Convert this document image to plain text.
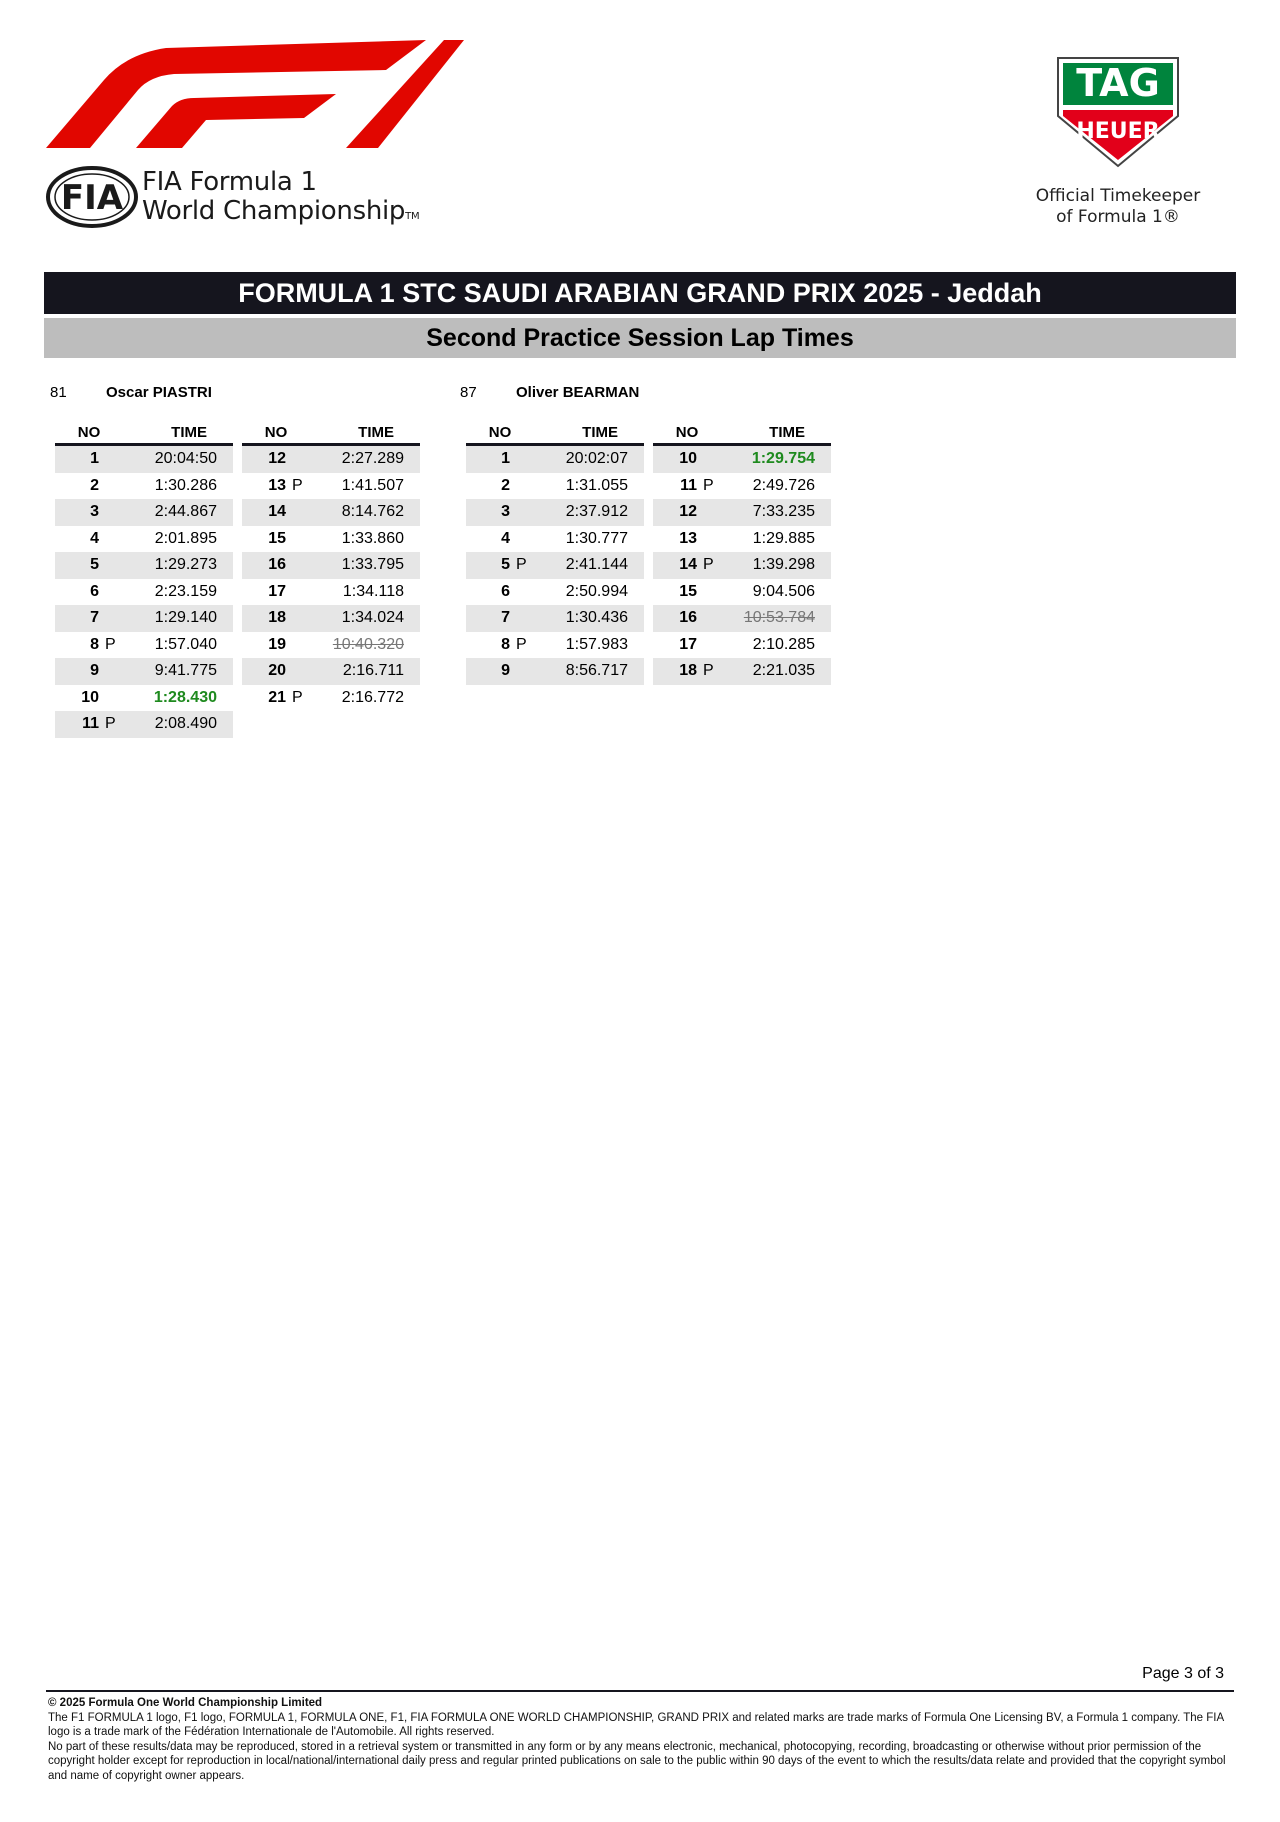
FIA FIA Formula 1
World ChampionshipTM
TAG
HEUER
Official Timekeeper
of Formula 1®
FORMULA 1 STC SAUDI ARABIAN GRAND PRIX 2025 - Jeddah
Second Practice Session Lap Times
81	Oscar PIASTRI
NO	TIME
1	20:04:50
2	1:30.286
3	2:44.867
4	2:01.895
5	1:29.273
6	2:23.159
7	1:29.140
8 P	1:57.040
9	9:41.775
10	1:28.430
11 P	2:08.490
NO	TIME
12	2:27.289
13 P	1:41.507
14	8:14.762
15	1:33.860
16	1:33.795
17	1:34.118
18	1:34.024
19	10:40.320
20	2:16.711
21 P	2:16.772
87	Oliver BEARMAN
NO	TIME
1	20:02:07
2	1:31.055
3	2:37.912
4	1:30.777
5 P	2:41.144
6	2:50.994
7	1:30.436
8 P	1:57.983
9	8:56.717
NO	TIME
10	1:29.754
11 P	2:49.726
12	7:33.235
13	1:29.885
14 P	1:39.298
15	9:04.506
16	10:53.784
17	2:10.285
18 P	2:21.035
Page 3 of 3

© 2025 Formula One World Championship Limited

The F1 FORMULA 1 logo, F1 logo, FORMULA 1, FORMULA ONE, F1, FIA FORMULA ONE WORLD CHAMPIONSHIP, GRAND PRIX and related marks are trade marks of Formula One Licensing BV, a Formula 1 company. The FIA logo is a trade mark of the Fédération Internationale de l'Automobile. All rights reserved.

No part of these results/data may be reproduced, stored in a retrieval system or transmitted in any form or by any means electronic, mechanical, photocopying, recording, broadcasting or otherwise without prior permission of the copyright holder except for reproduction in local/national/international daily press and regular printed publications on sale to the public within 90 days of the event to which the results/data relate and provided that the copyright symbol and name of copyright owner appears.
